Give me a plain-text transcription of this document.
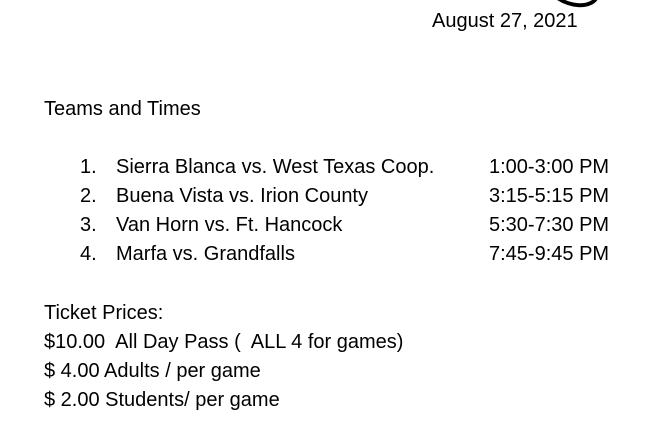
August 27, 2021
Teams and Times
1. Sierra Blanca vs. West Texas Coop.	1:00-3:00 PM
2. Buena Vista vs. Irion County	3:15-5:15 PM
3. Van Horn vs. Ft. Hancock	5:30-7:30 PM
4. Marfa vs. Grandfalls	7:45-9:45 PM
Ticket Prices:
$10.00  All Day Pass (  ALL 4 for games)
$ 4.00 Adults / per game
$ 2.00 Students/ per game
